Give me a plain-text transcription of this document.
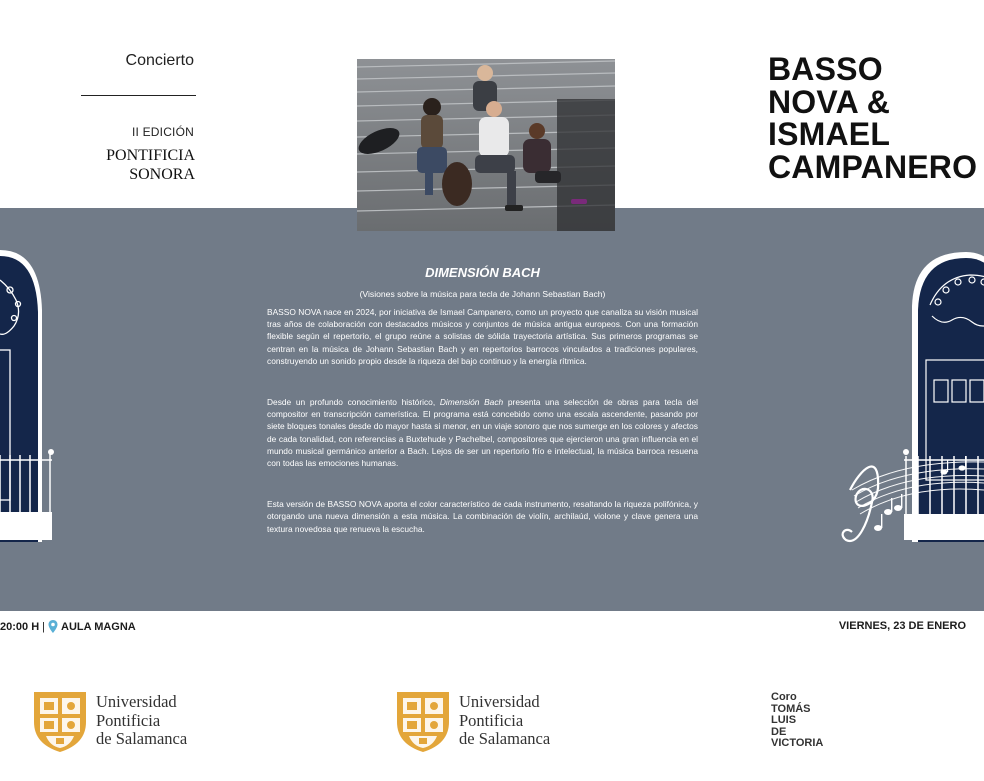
Concierto
II EDICIÓN
PONTIFICIA
SONORA
BASSO
NOVA &
ISMAEL
CAMPANERO
DIMENSIÓN BACH
(Visiones sobre la música para tecla de Johann Sebastian Bach)

BASSO NOVA nace en 2024, por iniciativa de Ismael Campanero, como un proyecto que canaliza su visión musical tras años de colaboración con destacados músicos y conjuntos de música antigua europeos. Con una formación flexible según el repertorio, el grupo reúne a solistas de sólida trayectoria artística. Sus primeros programas se centran en la música de Johann Sebastian Bach y en repertorios barrocos vinculados a tradiciones populares, construyendo un sonido propio desde la riqueza del bajo continuo y la energía rítmica.

Desde un profundo conocimiento histórico, Dimensión Bach presenta una selección de obras para tecla del compositor en transcripción camerística. El programa está concebido como una escala ascendente, pasando por siete bloques tonales desde do mayor hasta si menor, en un viaje sonoro que nos sumerge en los colores y afectos de cada tonalidad, con referencias a Buxtehude y Pachelbel, compositores que ejercieron una gran influencia en el mundo musical germánico anterior a Bach. Lejos de ser un repertorio frío e intelectual, la música barroca resuena con todas las emociones humanas.

Esta versión de BASSO NOVA aporta el color característico de cada instrumento, resaltando la riqueza polifónica, y otorgando una nueva dimensión a esta música. La combinación de violín, archilaúd, violone y clave genera una textura novedosa que renueva la escucha.

20:00 H | AULA MAGNA	VIERNES, 23 DE ENERO
Universidad
Pontificia
de Salamanca
Universidad
Pontificia
de Salamanca
Coro
TOMÁS
LUIS
DE
VICTORIA
